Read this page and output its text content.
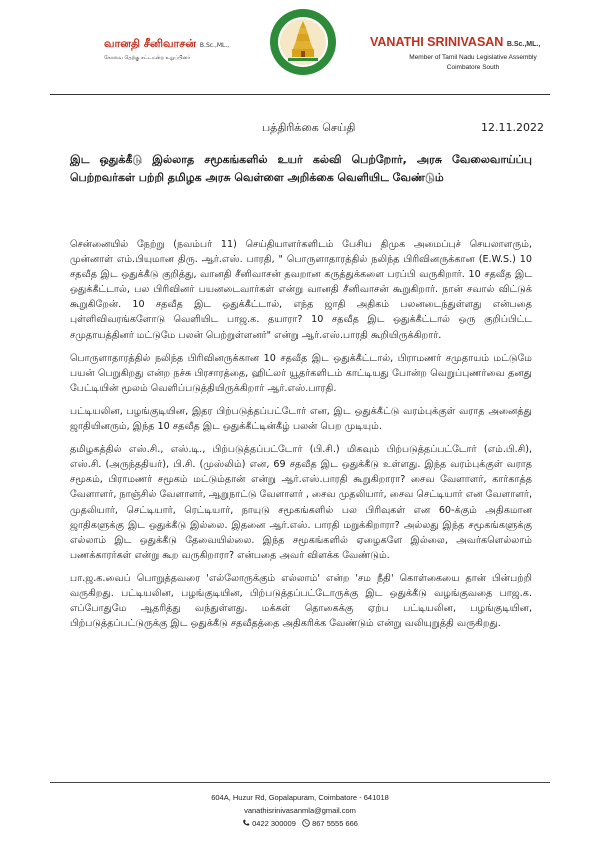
வானதி சீனிவாசன் B.Sc.,ML.,
கோவை தெற்கு சட்டமன்ற உறுப்பினர்
VANATHI SRINIVASAN B.Sc.,ML.,
Member of Tamil Nadu Legislative Assembly
Coimbatore South
பத்திரிக்கை செய்தி	12.11.2022
இட ஒதுக்கீடு இல்லாத சமூகங்களில் உயர் கல்வி பெற்றோர், அரசு வேலைவாய்ப்பு பெற்றவர்கள் பற்றி தமிழக அரசு வெள்ளை அறிக்கை வெளியிட வேண்டும்

சென்னையில் நேற்று (நவம்பர் 11) செய்தியாளர்களிடம் பேசிய திமுக அமைப்புச் செயலாளரும், முன்னாள் எம்.பியுமான திரு. ஆர்.எஸ். பாரதி, " பொருளாதாரத்தில் நலிந்த பிரிவினருக்கான (E.W.S.) 10 சதவீத இட ஒதுக்கீடு குறித்து, வானதி சீனிவாசன் தவறான கருத்துக்களை பரப்பி வருகிறார். 10 சதவீத இட ஒதுக்கீட்டால், பல பிரிவினர் பயனடைவார்கள் என்று வானதி சீனிவாசன் கூறுகிறார். நான் சவால் விட்டுக் கூறுகிறேன். 10 சதவீத இட ஒதுக்கீட்டால், எந்த ஜாதி அதிகம் பலனடைந்துள்ளது என்பதை புள்ளிவிவரங்களோடு வெளியிட பாஜ.க. தயாரா? 10 சதவீத இட ஒதுக்கீட்டால் ஒரு குறிப்பிட்ட சமுதாயத்தினர் மட்டுமே பலன் பெற்றுள்ளனர்" என்று ஆர்.எஸ்.பாரதி கூறியிருக்கிறார்.

பொருளாதாரத்தில் நலிந்த பிரிவினருக்கான 10 சதவீத இட ஒதுக்கீட்டால், பிராமணர் சமுதாயம் மட்டுமே பயன் பெறுகிறது என்ற நச்சு பிரசாரத்தை, ஹிட்லர் யூதர்களிடம் காட்டியது போன்ற வெறுப்புணர்வை தனது பேட்டியின் மூலம் வெளிப்படுத்தியிருக்கிறார் ஆர்.எஸ்.பாரதி.

பட்டியலின, பழங்குடியின, இதர பிற்படுத்தப்பட்டோர் என, இட ஒதுக்கீட்டு வரம்புக்குள் வராத அனைத்து ஜாதியினரும், இந்த 10 சதவீத இட ஒதுக்கீட்டின்கீழ் பலன் பெற முடியும்.

தமிழகத்தில் எஸ்.சி., எஸ்.டி., பிற்படுத்தப்பட்டோர் (பி.சி.) மிகவும் பிற்படுத்தப்பட்டோர் (எம்.பி.சி), எஸ்.சி. (அருந்ததியர்), பி.சி. (முஸ்லிம்) என, 69 சதவீத இட ஒதுக்கீடு உள்ளது. இந்த வரம்புக்குள் வராத சமூகம், பிராமணர் சமூகம் மட்டும்தான் என்று ஆர்.எஸ்.பாரதி கூறுகிறாரா? சைவ வேளாளர், கார்காத்த வேளாளர், நாஞ்சில் வேளாளர், ஆறுநாட்டு வேளாளர் , சைவ முதலியார், சைவ செட்டியார் என வேளாளர், முதலியார், செட்டியார், ரெட்டியார், நாயுடு சமூகங்களில் பல பிரிவுகள் என 60-க்கும் அதிகமான ஜாதிகளுக்கு இட ஒதுக்கீடு இல்லை. இதனை ஆர்.எஸ். பாரதி மறுக்கிறாரா? அல்லது இந்த சமூகங்களுக்கு எல்லாம் இட ஒதுக்கீடு தேவையில்லை. இந்த சமூகங்களில் ஏழைகளே இல்லை, அவர்களெல்லாம் பணக்காரர்கள் என்று கூற வருகிறாரா? என்பதை அவர் விளக்க வேண்டும்.

பா.ஜ.க.வைப் பொறுத்தவரை 'எல்லோருக்கும் எல்லாம்' என்ற 'சம நீதி' கொள்கையை தான் பின்பற்றி வருகிறது. பட்டியலின, பழங்குடியின, பிற்படுத்தப்பட்டோருக்கு இட ஒதுக்கீடு வழங்குவதை பாஜ.க. எப்போதுமே ஆதரித்து வந்துள்ளது. மக்கள் தொகைக்கு ஏற்ப பட்டியலின, பழங்குடியின, பிற்படுத்தப்பட்டுருக்கு இட ஒதுக்கீடு சதவீதத்தை அதிகரிக்க வேண்டும் என்று வலியுறுத்தி வருகிறது.

604A, Huzur Rd, Gopalapuram, Coimbatore - 641018
vanathisrinivasanmla@gmail.com
0422 300009 867 5555 666
